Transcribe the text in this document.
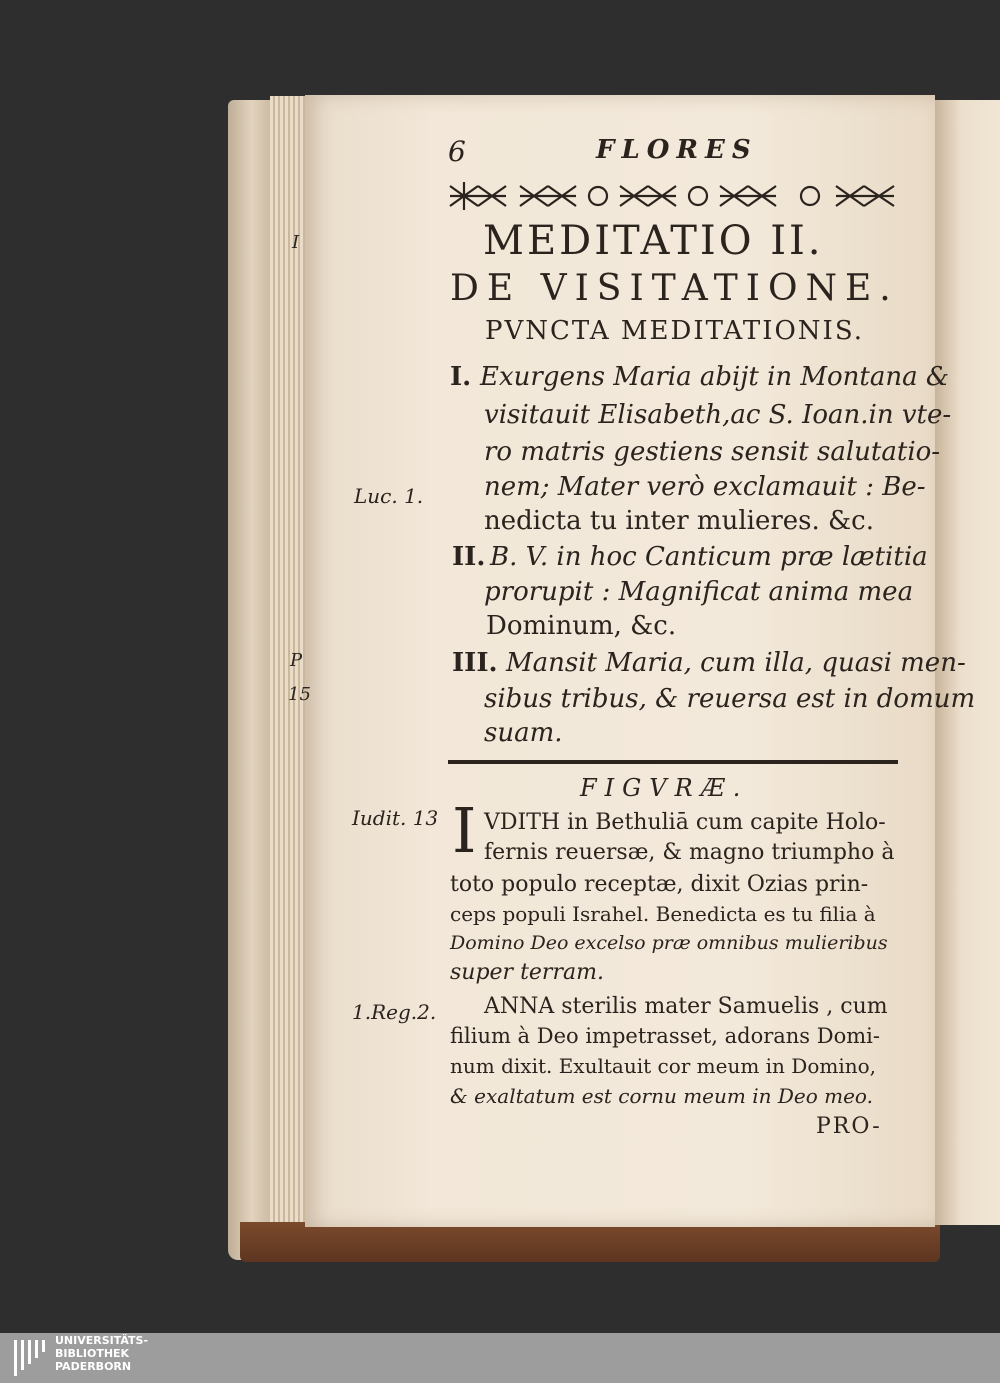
I
P
15
6	FLORES
MEDITATIO II.
DE VISITATIONE.
PVNCTA MEDITATIONIS.
I. Exurgens Maria abijt in Montana &
visitauit Elisabeth,ac S. Ioan.in vte-
ro matris gestiens sensit salutatio-
nem; Mater verò exclamauit : Be-
nedicta tu inter mulieres. &c.
Luc. 1.
II. B. V. in hoc Canticum præ lætitia
prorupit : Magnificat anima mea
Dominum, &c.
III. Mansit Maria, cum illa, quasi men-
sibus tribus, & reuersa est in domum
suam.
FIGVRÆ.
Iudit. 13 I VDITH in Bethuliā cum capite Holo-
fernis reuersæ, & magno triumpho à
toto populo receptæ, dixit Ozias prin-
ceps populi Israhel. Benedicta es tu filia à
Domino Deo excelso præ omnibus mulieribus
super terram.
1.Reg.2. ANNA sterilis mater Samuelis , cum
filium à Deo impetrasset, adorans Domi-
num dixit. Exultauit cor meum in Domino,
& exaltatum est cornu meum in Deo meo.
PRO-
UNIVERSITÄTS-
BIBLIOTHEK
PADERBORN
